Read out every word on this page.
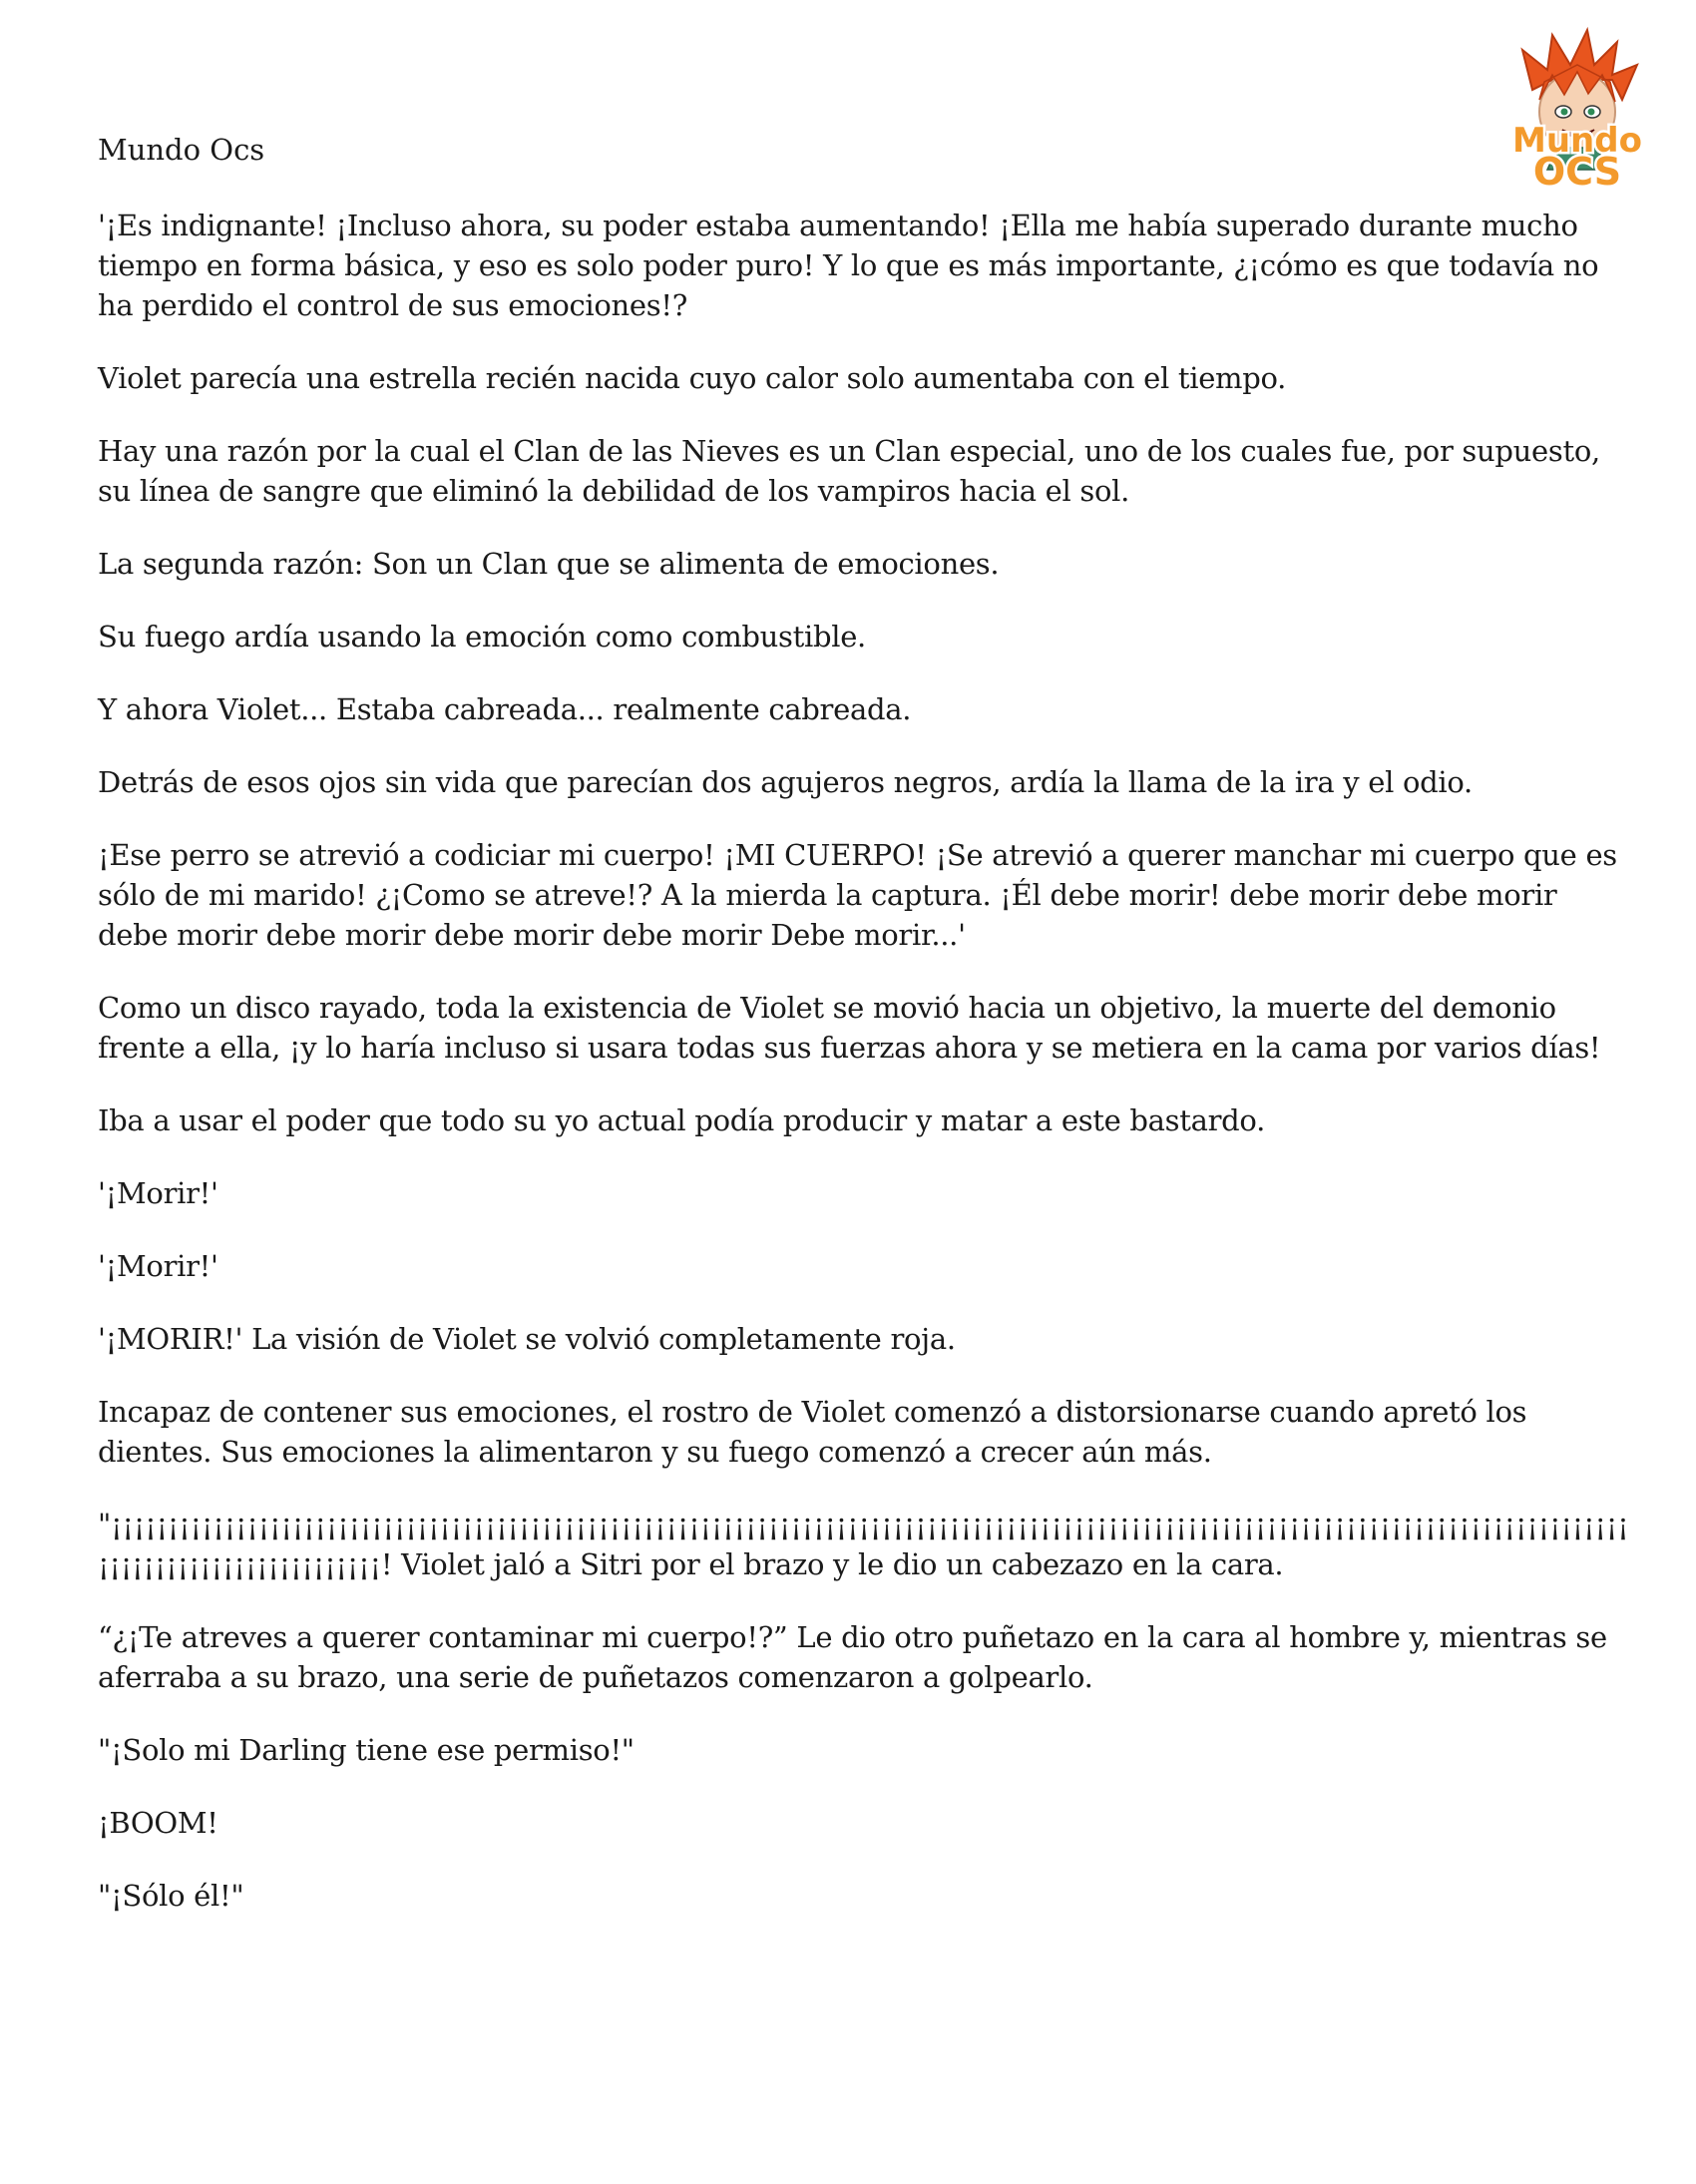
Mundo
OCS

Mundo Ocs

'¡Es indignante! ¡Incluso ahora, su poder estaba aumentando! ¡Ella me había superado durante mucho tiempo en forma básica, y eso es solo poder puro! Y lo que es más importante, ¿¡cómo es que todavía no ha perdido el control de sus emociones!?

Violet parecía una estrella recién nacida cuyo calor solo aumentaba con el tiempo.

Hay una razón por la cual el Clan de las Nieves es un Clan especial, uno de los cuales fue, por supuesto, su línea de sangre que eliminó la debilidad de los vampiros hacia el sol.

La segunda razón: Son un Clan que se alimenta de emociones.

Su fuego ardía usando la emoción como combustible.

Y ahora Violet... Estaba cabreada... realmente cabreada.

Detrás de esos ojos sin vida que parecían dos agujeros negros, ardía la llama de la ira y el odio.

¡Ese perro se atrevió a codiciar mi cuerpo! ¡MI CUERPO! ¡Se atrevió a querer manchar mi cuerpo que es sólo de mi marido! ¿¡Como se atreve!? A la mierda la captura. ¡Él debe morir! debe morir debe morir debe morir debe morir debe morir debe morir Debe morir...'

Como un disco rayado, toda la existencia de Violet se movió hacia un objetivo, la muerte del demonio frente a ella, ¡y lo haría incluso si usara todas sus fuerzas ahora y se metiera en la cama por varios días!

Iba a usar el poder que todo su yo actual podía producir y matar a este bastardo.

'¡Morir!'

'¡Morir!'

'¡MORIR!' La visión de Violet se volvió completamente roja.

Incapaz de contener sus emociones, el rostro de Violet comenzó a distorsionarse cuando apretó los dientes. Sus emociones la alimentaron y su fuego comenzó a crecer aún más.

"¡¡¡¡¡¡¡¡¡¡¡¡¡¡¡¡¡¡¡¡¡¡¡¡¡¡¡¡¡¡¡¡¡¡¡¡¡¡¡¡¡¡¡¡¡¡¡¡¡¡¡¡¡¡¡¡¡¡¡¡¡¡¡¡¡¡¡¡¡¡¡¡¡¡¡¡¡¡¡¡¡¡¡¡¡¡¡¡¡¡¡¡¡¡¡¡¡¡¡¡¡¡¡¡¡¡¡¡¡¡¡¡¡¡¡¡¡¡¡¡¡¡¡¡¡¡¡¡¡¡¡¡¡¡¡¡¡¡¡¡¡¡¡¡¡¡¡¡¡¡¡¡¡¡¡¡¡¡¡! Violet jaló a Sitri por el brazo y le dio un cabezazo en la cara.

“¿¡Te atreves a querer contaminar mi cuerpo!?” Le dio otro puñetazo en la cara al hombre y, mientras se aferraba a su brazo, una serie de puñetazos comenzaron a golpearlo.

"¡Solo mi Darling tiene ese permiso!"

¡BOOM!

"¡Sólo él!"
